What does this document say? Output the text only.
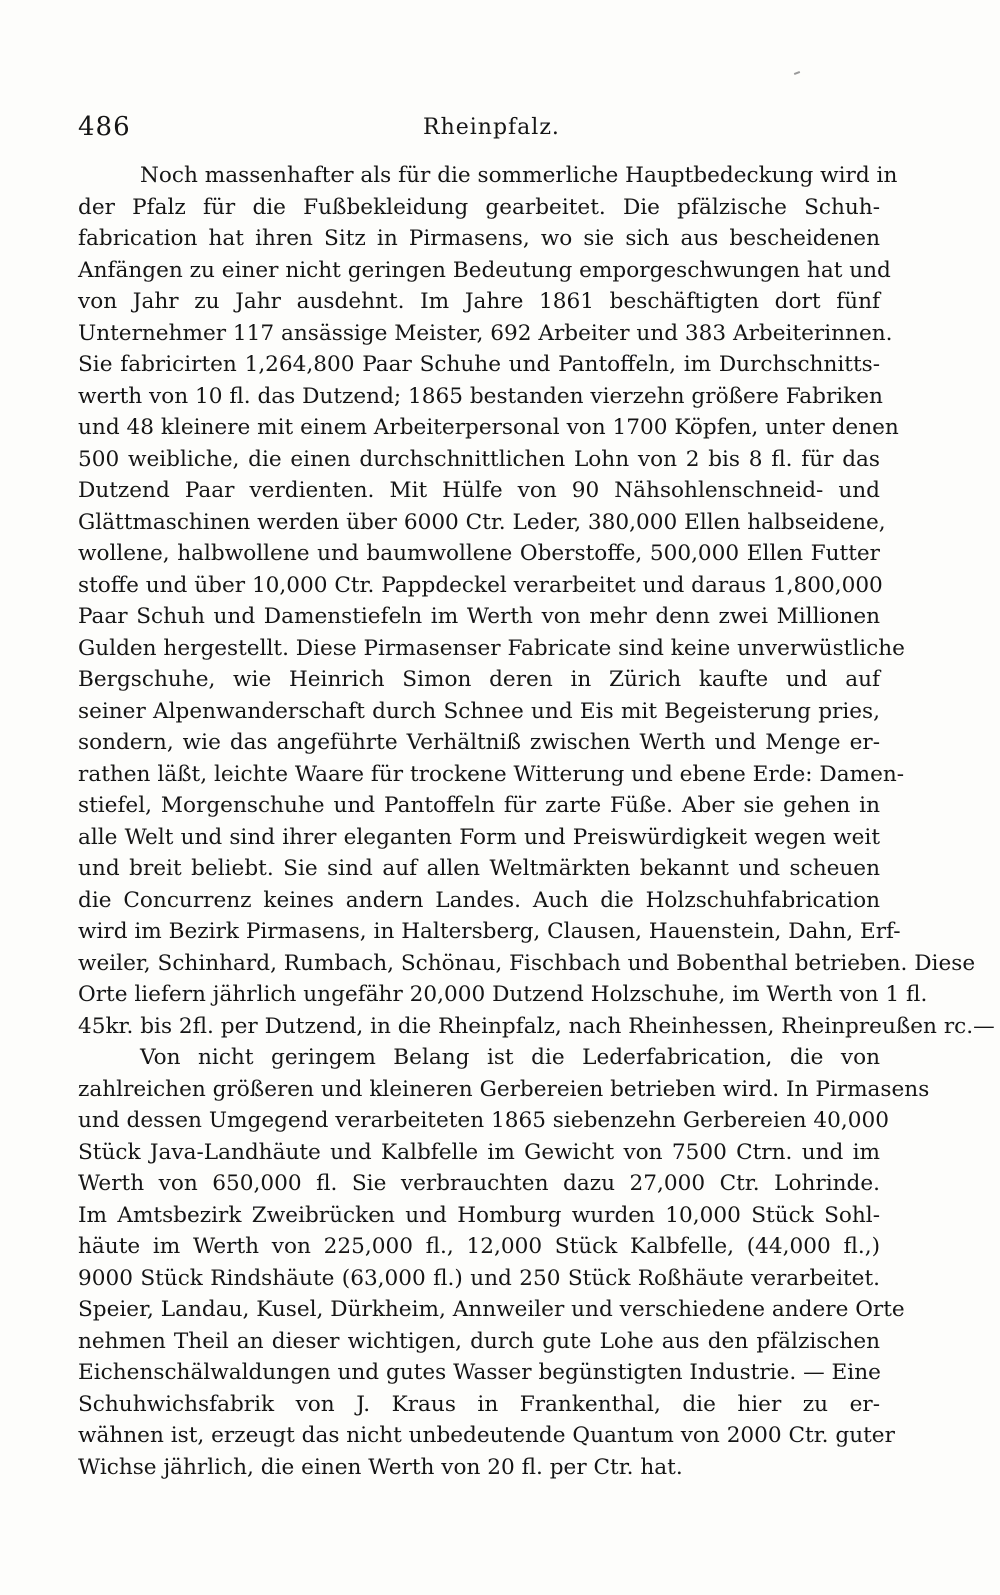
486	Rheinpfalz.
Noch massenhafter als für die sommerliche Hauptbedeckung wird in
der Pfalz für die Fußbekleidung gearbeitet. Die pfälzische Schuh-
fabrication hat ihren Sitz in Pirmasens, wo sie sich aus bescheidenen
Anfängen zu einer nicht geringen Bedeutung emporgeschwungen hat und
von Jahr zu Jahr ausdehnt. Im Jahre 1861 beschäftigten dort fünf
Unternehmer 117 ansässige Meister, 692 Arbeiter und 383 Arbeiterinnen.
Sie fabricirten 1,264,800 Paar Schuhe und Pantoffeln, im Durchschnitts-
werth von 10 fl. das Dutzend; 1865 bestanden vierzehn größere Fabriken
und 48 kleinere mit einem Arbeiterpersonal von 1700 Köpfen, unter denen
500 weibliche, die einen durchschnittlichen Lohn von 2 bis 8 fl. für das
Dutzend Paar verdienten. Mit Hülfe von 90 Nähsohlenschneid- und
Glättmaschinen werden über 6000 Ctr. Leder, 380,000 Ellen halbseidene,
wollene, halbwollene und baumwollene Oberstoffe, 500,000 Ellen Futter
stoffe und über 10,000 Ctr. Pappdeckel verarbeitet und daraus 1,800,000
Paar Schuh und Damenstiefeln im Werth von mehr denn zwei Millionen
Gulden hergestellt. Diese Pirmasenser Fabricate sind keine unverwüstliche
Bergschuhe, wie Heinrich Simon deren in Zürich kaufte und auf
seiner Alpenwanderschaft durch Schnee und Eis mit Begeisterung pries,
sondern, wie das angeführte Verhältniß zwischen Werth und Menge er-
rathen läßt, leichte Waare für trockene Witterung und ebene Erde: Damen-
stiefel, Morgenschuhe und Pantoffeln für zarte Füße. Aber sie gehen in
alle Welt und sind ihrer eleganten Form und Preiswürdigkeit wegen weit
und breit beliebt. Sie sind auf allen Weltmärkten bekannt und scheuen
die Concurrenz keines andern Landes. Auch die Holzschuhfabrication
wird im Bezirk Pirmasens, in Haltersberg, Clausen, Hauenstein, Dahn, Erf-
weiler, Schinhard, Rumbach, Schönau, Fischbach und Bobenthal betrieben. Diese
Orte liefern jährlich ungefähr 20,000 Dutzend Holzschuhe, im Werth von 1 fl.
45kr. bis 2fl. per Dutzend, in die Rheinpfalz, nach Rheinhessen, Rheinpreußen rc.—
Von nicht geringem Belang ist die Lederfabrication, die von
zahlreichen größeren und kleineren Gerbereien betrieben wird. In Pirmasens
und dessen Umgegend verarbeiteten 1865 siebenzehn Gerbereien 40,000
Stück Java-Landhäute und Kalbfelle im Gewicht von 7500 Ctrn. und im
Werth von 650,000 fl. Sie verbrauchten dazu 27,000 Ctr. Lohrinde.
Im Amtsbezirk Zweibrücken und Homburg wurden 10,000 Stück Sohl-
häute im Werth von 225,000 fl., 12,000 Stück Kalbfelle, (44,000 fl.,)
9000 Stück Rindshäute (63,000 fl.) und 250 Stück Roßhäute verarbeitet.
Speier, Landau, Kusel, Dürkheim, Annweiler und verschiedene andere Orte
nehmen Theil an dieser wichtigen, durch gute Lohe aus den pfälzischen
Eichenschälwaldungen und gutes Wasser begünstigten Industrie. — Eine
Schuhwichsfabrik von J. Kraus in Frankenthal, die hier zu er-
wähnen ist, erzeugt das nicht unbedeutende Quantum von 2000 Ctr. guter
Wichse jährlich, die einen Werth von 20 fl. per Ctr. hat.
